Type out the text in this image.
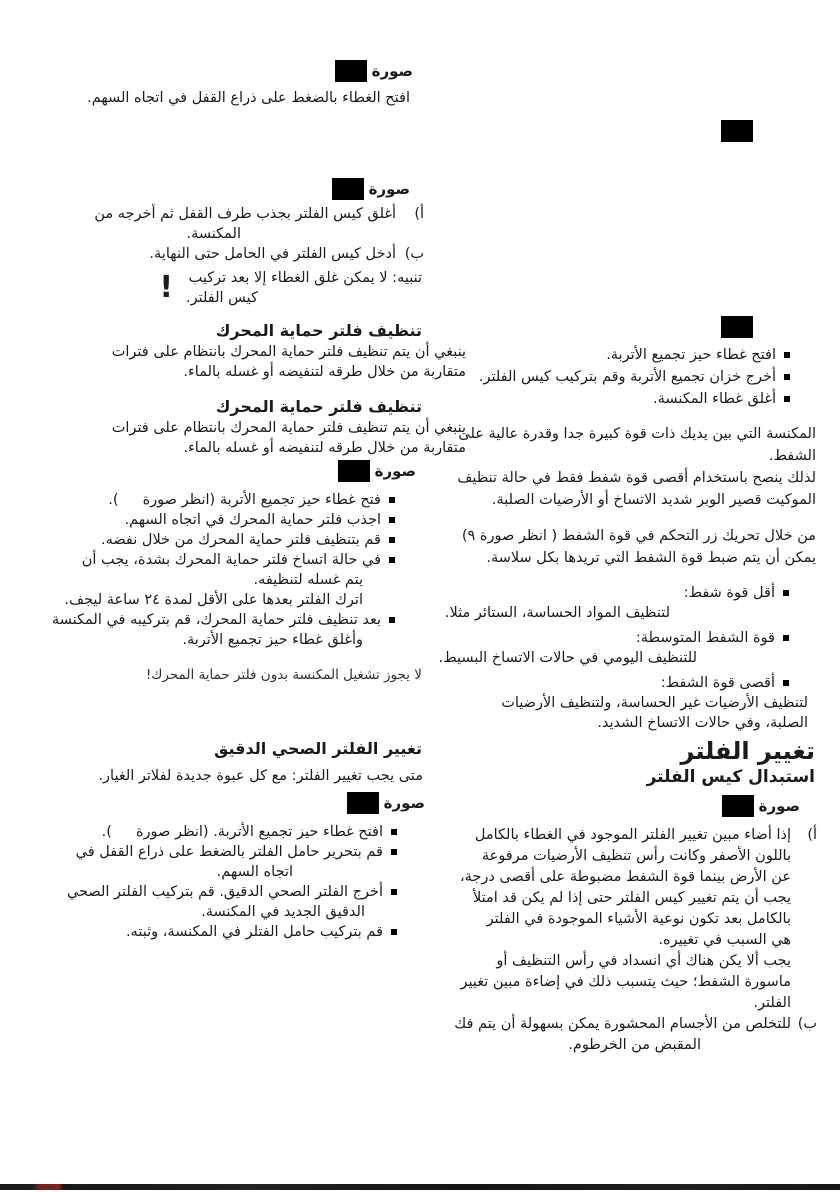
صورة
افتح الغطاء بالضغط على ذراع القفل في اتجاه السهم.
صورة
أ)
أغلق كيس الفلتر بجذب طرف القفل ثم أخرجه من
المكنسة.
ب)
أدخل كيس الفلتر في الحامل حتى النهاية.
! تنبيه: لا يمكن غلق الغطاء إلا بعد تركيب
كيس الفلتر.
تنظيف فلتر حماية المحرك
ينبغي أن يتم تنظيف فلتر حماية المحرك بانتظام على فترات
متقاربة من خلال طرقه لتنفيضه أو غسله بالماء.
تنظيف فلتر حماية المحرك
ينبغي أن يتم تنظيف فلتر حماية المحرك بانتظام على فترات
متقاربة من خلال طرقه لتنفيضه أو غسله بالماء.
صورة
فتح غطاء حيز تجميع الأتربة (انظر صورة).
اجذب فلتر حماية المحرك في اتجاه السهم.
قم بتنظيف فلتر حماية المحرك من خلال نفضه.
في حالة اتساخ فلتر حماية المحرك بشدة، يجب أن
يتم غسله لتنظيفه.
اترك الفلتر بعدها على الأقل لمدة ٢٤ ساعة ليجف.
بعد تنظيف فلتر حماية المحرك، قم بتركيبه في المكنسة
وأغلق غطاء حيز تجميع الأتربة.
لا يجوز تشغيل المكنسة بدون فلتر حماية المحرك!
تغيير الفلتر الصحي الدقيق
متى يجب تغيير الفلتر: مع كل عبوة جديدة لفلاتر الغيار.
صورة
افتح غطاء حيز تجميع الأتربة. (انظر صورة).
قم بتحرير حامل الفلتر بالضغط على ذراع القفل في
اتجاه السهم.
أخرج الفلتر الصحي الدقيق. قم بتركيب الفلتر الصحي
الدقيق الجديد في المكنسة.
قم بتركيب حامل الفتلر في المكنسة، وثبته.
افتح غطاء حيز تجميع الأتربة.
أخرج خزان تجميع الأتربة وقم بتركيب كيس الفلتر.
أغلق غطاء المكنسة.
المكنسة التي بين يديك ذات قوة كبيرة جدا وقدرة عالية على
الشفط.
لذلك ينصح باستخدام أقصى قوة شفط فقط في حالة تنظيف
الموكيت قصير الوبر شديد الاتساخ أو الأرضيات الصلبة.
من خلال تحريك زر التحكم في قوة الشفط ( انظر صورة ٩)
يمكن أن يتم ضبط قوة الشفط التي تريدها بكل سلاسة.
أقل قوة شفط:
لتنظيف المواد الحساسة، الستائر مثلا.
قوة الشفط المتوسطة:
للتنظيف اليومي في حالات الاتساخ البسيط.
أقصى قوة الشفط:
لتنظيف الأرضيات غير الحساسة، ولتنظيف الأرضيات
الصلبة، وفي حالات الاتساخ الشديد.
تغيير الفلتر
استبدال كيس الفلتر
صورة
أ)
إذا أضاء مبين تغيير الفلتر الموجود في الغطاء بالكامل
باللون الأصفر وكانت رأس تنظيف الأرضيات مرفوعة
عن الأرض بينما قوة الشفط مضبوطة على أقصى درجة،
يجب أن يتم تغيير كيس الفلتر حتى إذا لم يكن قد امتلأ
بالكامل بعد تكون نوعية الأشياء الموجودة في الفلتر
هي السبب في تغييره.
يجب ألا يكن هناك أي انسداد في رأس التنظيف أو
ماسورة الشفط؛ حيث يتسبب ذلك في إضاءة مبين تغيير
الفلتر.
ب)
للتخلص من الأجسام المحشورة يمكن بسهولة أن يتم فك
المقبض من الخرطوم.
